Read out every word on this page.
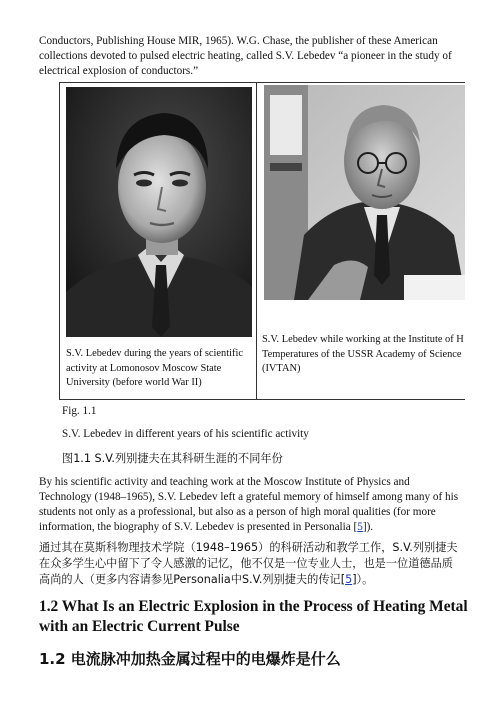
Conductors, Publishing House MIR, 1965). W.G. Chase, the publisher of these American collections devoted to pulsed electric heating, called S.V. Lebedev “a pioneer in the study of electrical explosion of conductors.”

S.V. Lebedev during the years of scientific
activity at Lomonosov Moscow State
University (before world War II)
S.V. Lebedev while working at the Institute of H
Temperatures of the USSR Academy of Science
(IVTAN)

Fig. 1.1

S.V. Lebedev in different years of his scientific activity

图1.1 S.V.列别捷夫在其科研生涯的不同年份

By his scientific activity and teaching work at the Moscow Institute of Physics and Technology (1948–1965), S.V. Lebedev left a grateful memory of himself among many of his students not only as a professional, but also as a person of high moral qualities (for more information, the biography of S.V. Lebedev is presented in Personalia [5]).

通过其在莫斯科物理技术学院（1948–1965）的科研活动和教学工作，S.V.列别捷夫在众多学生心中留下了令人感激的记忆，他不仅是一位专业人士，也是一位道德品质高尚的人（更多内容请参见Personalia中S.V.列别捷夫的传记[5]）。

1.2 What Is an Electric Explosion in the Process of Heating Metal with an Electric Current Pulse
1.2 电流脉冲加热金属过程中的电爆炸是什么
